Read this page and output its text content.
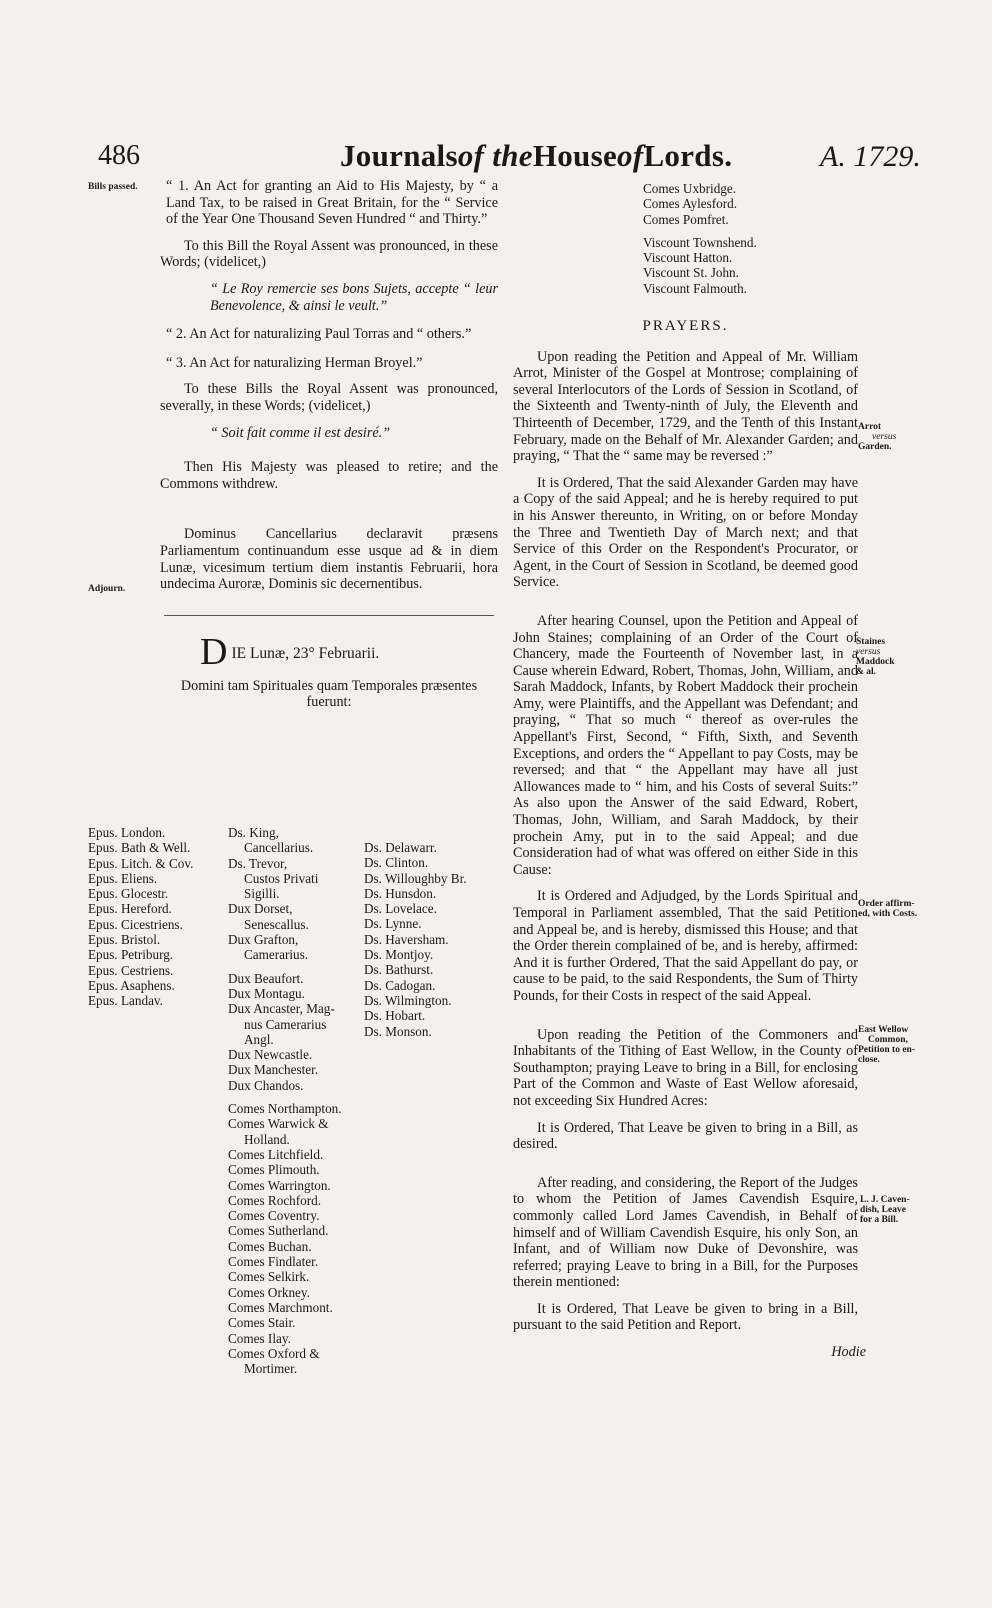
486	Journalsof theHouseofLords.	A. 1729.
Bills passed.
Adjourn.

“ 1. An Act for granting an Aid to His Majesty, by “ a Land Tax, to be raised in Great Britain, for the “ Service of the Year One Thousand Seven Hundred “ and Thirty.”

To this Bill the Royal Assent was pronounced, in these Words; (videlicet,)

“ Le Roy remercie ses bons Sujets, accepte “ leur Benevolence, & ainsi le veult.”

“ 2. An Act for naturalizing Paul Torras and “ others.”

“ 3. An Act for naturalizing Herman Broyel.”

To these Bills the Royal Assent was pronounced, severally, in these Words; (videlicet,)

“ Soit fait comme il est desiré.”

Then His Majesty was pleased to retire; and the Commons withdrew.

Dominus Cancellarius declaravit præsens Parliamentum continuandum esse usque ad & in diem Lunæ, vicesimum tertium diem instantis Februarii, hora undecima Auroræ, Dominis sic decernentibus.

D IE Lunæ, 23° Februarii.

Domini tam Spirituales quam Temporales præsentes fuerunt:

Epus. London.
Epus. Bath & Well.
Epus. Litch. & Cov.
Epus. Eliens.
Epus. Glocestr.
Epus. Hereford.
Epus. Cicestriens.
Epus. Bristol.
Epus. Petriburg.
Epus. Cestriens.
Epus. Asaphens.
Epus. Landav.
Ds. King,
Cancellarius.
Ds. Trevor,
Custos Privati
Sigilli.
Dux Dorset,
Senescallus.
Dux Grafton,
Camerarius.
Dux Beaufort.
Dux Montagu.
Dux Ancaster, Mag-
nus Camerarius
Angl.
Dux Newcastle.
Dux Manchester.
Dux Chandos.
Comes Northampton.
Comes Warwick &
Holland.
Comes Litchfield.
Comes Plimouth.
Comes Warrington.
Comes Rochford.
Comes Coventry.
Comes Sutherland.
Comes Buchan.
Comes Findlater.
Comes Selkirk.
Comes Orkney.
Comes Marchmont.
Comes Stair.
Comes Ilay.
Comes Oxford &
Mortimer.
Ds. Delawarr.
Ds. Clinton.
Ds. Willoughby Br.
Ds. Hunsdon.
Ds. Lovelace.
Ds. Lynne.
Ds. Haversham.
Ds. Montjoy.
Ds. Bathurst.
Ds. Cadogan.
Ds. Wilmington.
Ds. Hobart.
Ds. Monson.
Arrot
versus
Garden.
Staines
versus
Maddock
& al.
Order affirm-
ed, with Costs.
East Wellow
Common,
Petition to en-
close.
L. J. Caven-
dish, Leave
for a Bill.
Comes Uxbridge.
Comes Aylesford.
Comes Pomfret.
Viscount Townshend.
Viscount Hatton.
Viscount St. John.
Viscount Falmouth.

PRAYERS.

Upon reading the Petition and Appeal of Mr. William Arrot, Minister of the Gospel at Montrose; complaining of several Interlocutors of the Lords of Session in Scotland, of the Sixteenth and Twenty-ninth of July, the Eleventh and Thirteenth of December, 1729, and the Tenth of this Instant February, made on the Behalf of Mr. Alexander Garden; and praying, “ That the “ same may be reversed :”

It is Ordered, That the said Alexander Garden may have a Copy of the said Appeal; and he is hereby required to put in his Answer thereunto, in Writing, on or before Monday the Three and Twentieth Day of March next; and that Service of this Order on the Respondent's Procurator, or Agent, in the Court of Session in Scotland, be deemed good Service.

After hearing Counsel, upon the Petition and Appeal of John Staines; complaining of an Order of the Court of Chancery, made the Fourteenth of November last, in a Cause wherein Edward, Robert, Thomas, John, William, and Sarah Maddock, Infants, by Robert Maddock their prochein Amy, were Plaintiffs, and the Appellant was Defendant; and praying, “ That so much “ thereof as over-rules the Appellant's First, Second, “ Fifth, Sixth, and Seventh Exceptions, and orders the “ Appellant to pay Costs, may be reversed; and that “ the Appellant may have all just Allowances made to “ him, and his Costs of several Suits:” As also upon the Answer of the said Edward, Robert, Thomas, John, William, and Sarah Maddock, by their prochein Amy, put in to the said Appeal; and due Consideration had of what was offered on either Side in this Cause:

It is Ordered and Adjudged, by the Lords Spiritual and Temporal in Parliament assembled, That the said Petition and Appeal be, and is hereby, dismissed this House; and that the Order therein complained of be, and is hereby, affirmed: And it is further Ordered, That the said Appellant do pay, or cause to be paid, to the said Respondents, the Sum of Thirty Pounds, for their Costs in respect of the said Appeal.

Upon reading the Petition of the Commoners and Inhabitants of the Tithing of East Wellow, in the County of Southampton; praying Leave to bring in a Bill, for enclosing Part of the Common and Waste of East Wellow aforesaid, not exceeding Six Hundred Acres:

It is Ordered, That Leave be given to bring in a Bill, as desired.

After reading, and considering, the Report of the Judges to whom the Petition of James Cavendish Esquire, commonly called Lord James Cavendish, in Behalf of himself and of William Cavendish Esquire, his only Son, an Infant, and of William now Duke of Devonshire, was referred; praying Leave to bring in a Bill, for the Purposes therein mentioned:

It is Ordered, That Leave be given to bring in a Bill, pursuant to the said Petition and Report.

Hodie
